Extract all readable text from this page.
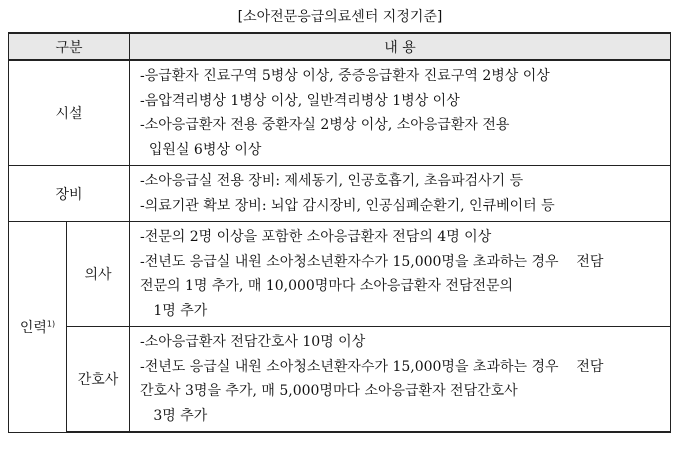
[소아전문응급의료센터 지정기준]
구분		내 용
시설		-응급환자 진료구역 5병상 이상, 중증응급환자 진료구역 2병상 이상
-음압격리병상 1병상 이상, 일반격리병상 1병상 이상
-소아응급환자 전용 중환자실 2병상 이상, 소아응급환자 전용
입원실 6병상 이상

장비		-소아응급실 전용 장비: 제세동기, 인공호흡기, 초음파검사기 등
-의료기관 확보 장비: 뇌압 감시장비, 인공심폐순환기, 인큐베이터 등

인력$^{1)}$	의사	-전문의 2명 이상을 포함한 소아응급환자 전담의 4명 이상
-전년도 응급실 내원 소아청소년환자수가 15,000명을 초과하는 경우    전담
전문의 1명 추가, 매 10,000명마다 소아응급환자 전담전문의
1명 추가

	간호사	-소아응급환자 전담간호사 10명 이상
-전년도 응급실 내원 소아청소년환자수가 15,000명을 초과하는 경우    전담
간호사 3명을 추가, 매 5,000명마다 소아응급환자 전담간호사
3명 추가
